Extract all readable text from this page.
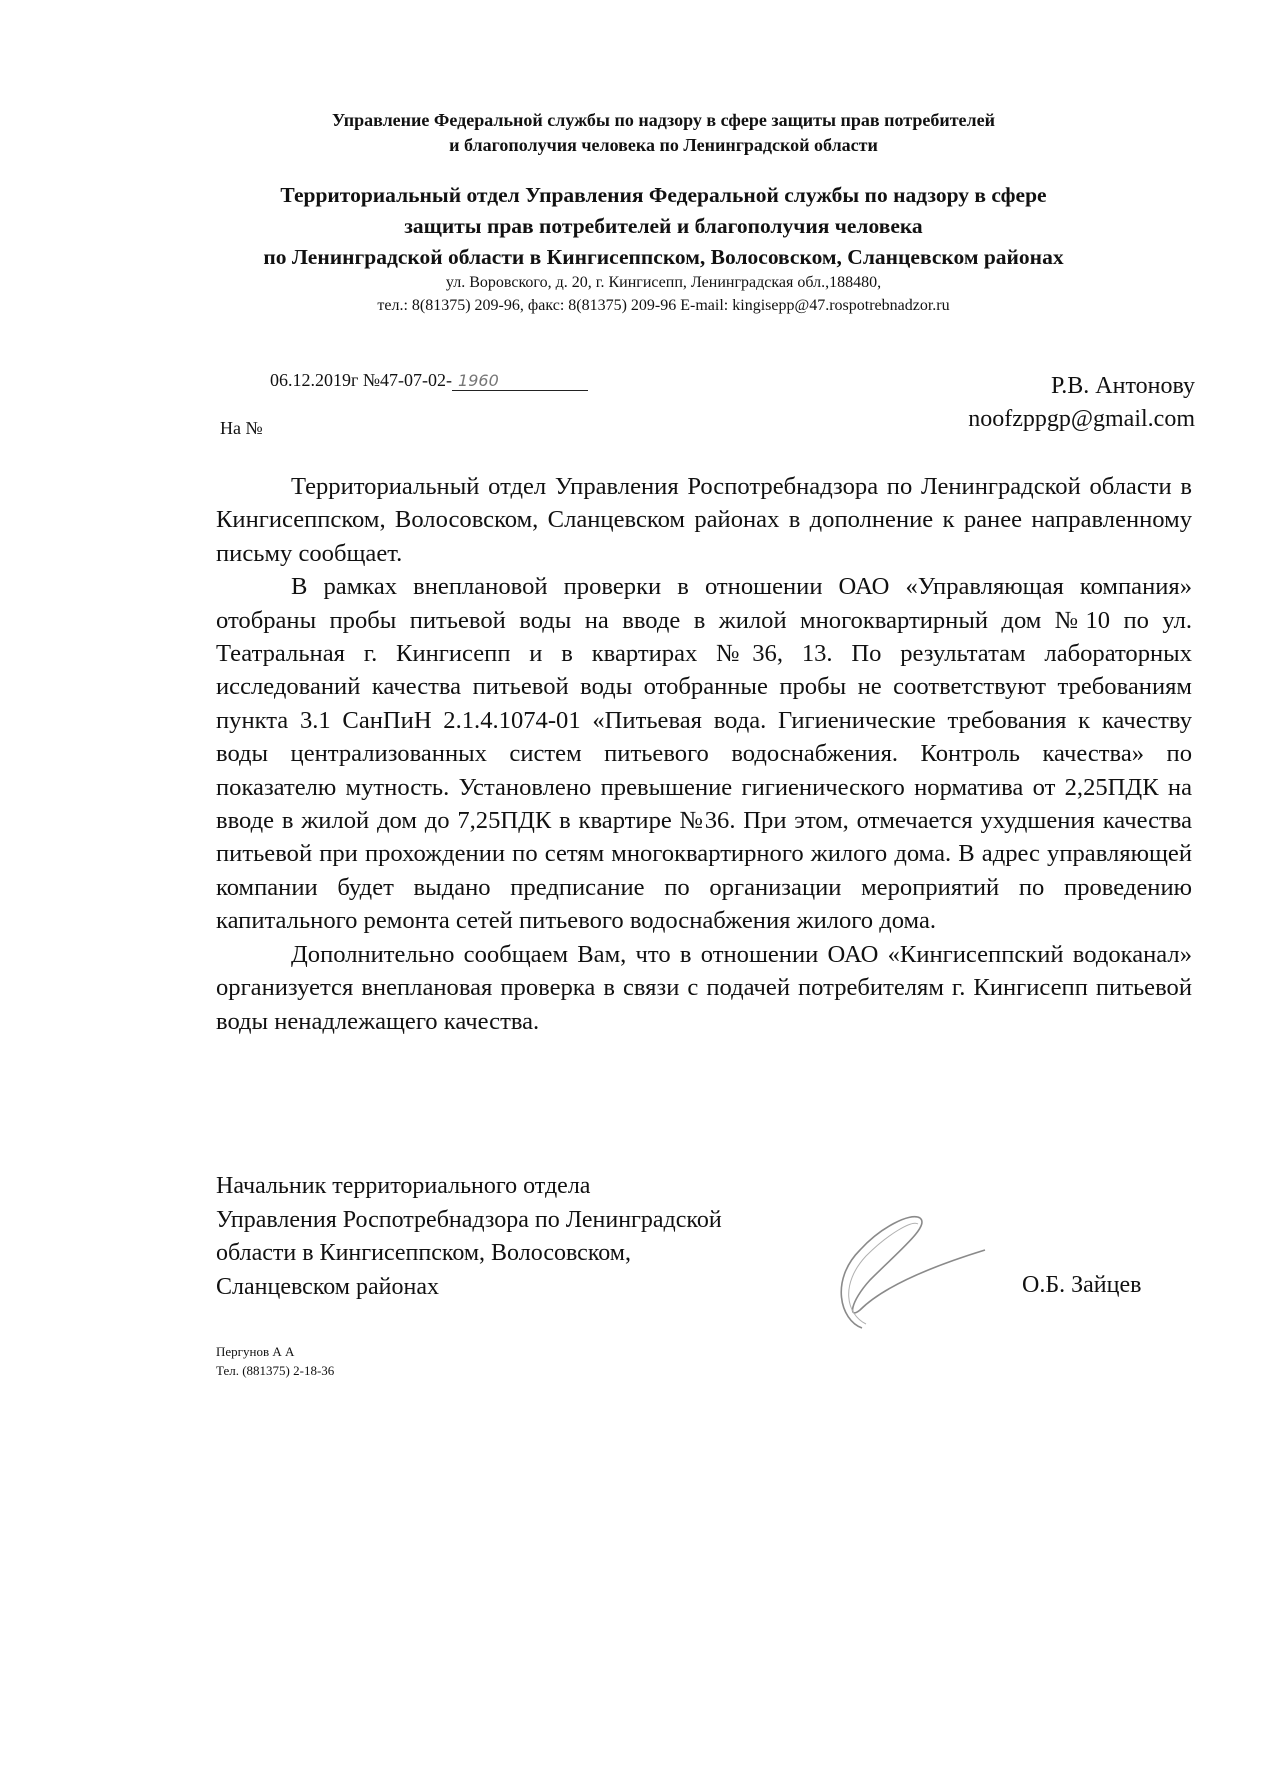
Управление Федеральной службы по надзору в сфере защиты прав потребителей
и благополучия человека по Ленинградской области
Территориальный отдел Управления Федеральной службы по надзору в сфере
защиты прав потребителей и благополучия человека
по Ленинградской области в Кингисеппском, Волосовском, Сланцевском районах
ул. Воровского, д. 20, г. Кингисепп, Ленинградская обл.,188480,
тел.: 8(81375) 209-96, факс: 8(81375) 209-96 E-mail: kingisepp@47.rospotrebnadzor.ru
06.12.2019г №47-07-02- 1960
На №
Р.В. Антонову
noofzppgp@gmail.com

Территориальный отдел Управления Роспотребнадзора по Ленинградской области в Кингисеппском, Волосовском, Сланцевском районах в дополнение к ранее направленному письму сообщает.

В рамках внеплановой проверки в отношении ОАО «Управляющая компания» отобраны пробы питьевой воды на вводе в жилой многоквартирный дом №10 по ул. Театральная г. Кингисепп и в квартирах №36, 13. По результатам лабораторных исследований качества питьевой воды отобранные пробы не соответствуют требованиям пункта 3.1 СанПиН 2.1.4.1074-01 «Питьевая вода. Гигиенические требования к качеству воды централизованных систем питьевого водоснабжения. Контроль качества» по показателю мутность. Установлено превышение гигиенического норматива от 2,25ПДК на вводе в жилой дом до 7,25ПДК в квартире №36. При этом, отмечается ухудшения качества питьевой при прохождении по сетям многоквартирного жилого дома. В адрес управляющей компании будет выдано предписание по организации мероприятий по проведению капитального ремонта сетей питьевого водоснабжения жилого дома.

Дополнительно сообщаем Вам, что в отношении ОАО «Кингисеппский водоканал» организуется внеплановая проверка в связи с подачей потребителям г. Кингисепп питьевой воды ненадлежащего качества.

Начальник территориального отдела
Управления Роспотребнадзора по Ленинградской
области в Кингисеппском, Волосовском,
Сланцевском районах	О.Б. Зайцев
Пергунов А А
Тел. (881375) 2-18-36
